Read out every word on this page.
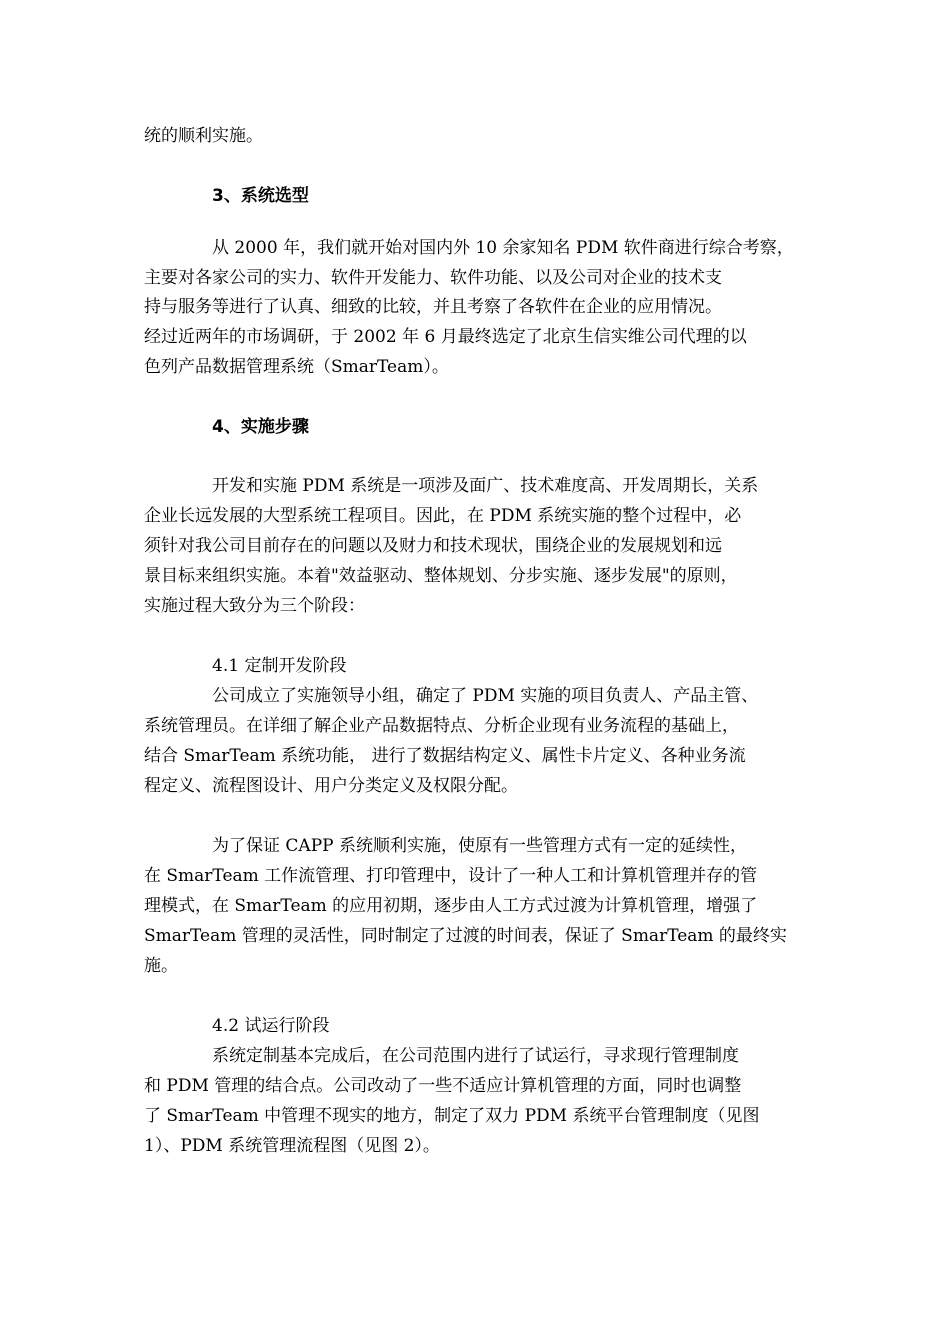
统的顺利实施。
3、系统选型
从 2000 年，我们就开始对国内外 10 余家知名 PDM 软件商进行综合考察，
主要对各家公司的实力、软件开发能力、软件功能、以及公司对企业的技术支
持与服务等进行了认真、细致的比较，并且考察了各软件在企业的应用情况。
经过近两年的市场调研，于 2002 年 6 月最终选定了北京生信实维公司代理的以
色列产品数据管理系统（SmarTeam）。
4、实施步骤
开发和实施 PDM 系统是一项涉及面广、技术难度高、开发周期长，关系
企业长远发展的大型系统工程项目。因此，在 PDM 系统实施的整个过程中，必
须针对我公司目前存在的问题以及财力和技术现状，围绕企业的发展规划和远
景目标来组织实施。本着"效益驱动、整体规划、分步实施、逐步发展"的原则，
实施过程大致分为三个阶段：
4.1 定制开发阶段
公司成立了实施领导小组，确定了 PDM 实施的项目负责人、产品主管、
系统管理员。在详细了解企业产品数据特点、分析企业现有业务流程的基础上，
结合 SmarTeam 系统功能， 进行了数据结构定义、属性卡片定义、各种业务流
程定义、流程图设计、用户分类定义及权限分配。
为了保证 CAPP 系统顺利实施，使原有一些管理方式有一定的延续性，
在 SmarTeam 工作流管理、打印管理中，设计了一种人工和计算机管理并存的管
理模式，在 SmarTeam 的应用初期，逐步由人工方式过渡为计算机管理，增强了
SmarTeam 管理的灵活性，同时制定了过渡的时间表，保证了 SmarTeam 的最终实
施。
4.2 试运行阶段
系统定制基本完成后，在公司范围内进行了试运行，寻求现行管理制度
和 PDM 管理的结合点。公司改动了一些不适应计算机管理的方面，同时也调整
了 SmarTeam 中管理不现实的地方，制定了双力 PDM 系统平台管理制度（见图
1）、PDM 系统管理流程图（见图 2）。
